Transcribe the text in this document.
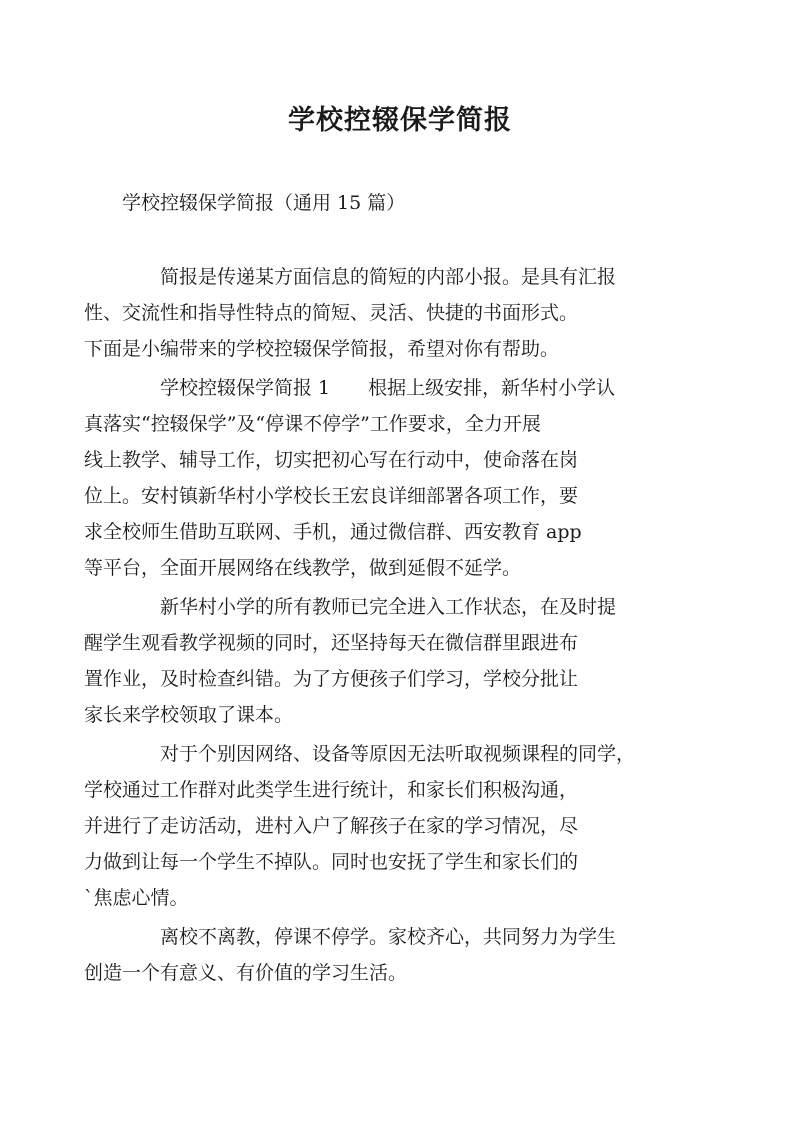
学校控辍保学简报

学校控辍保学简报（通用 15 篇）

简报是传递某方面信息的简短的内部小报。是具有汇报
性、交流性和指导性特点的简短、灵活、快捷的书面形式。
下面是小编带来的学校控辍保学简报，希望对你有帮助。

学校控辍保学简报 1　　根据上级安排，新华村小学认
真落实“控辍保学”及“停课不停学”工作要求，全力开展
线上教学、辅导工作，切实把初心写在行动中，使命落在岗
位上。安村镇新华村小学校长王宏良详细部署各项工作，要
求全校师生借助互联网、手机，通过微信群、西安教育 app
等平台，全面开展网络在线教学，做到延假不延学。

新华村小学的所有教师已完全进入工作状态，在及时提
醒学生观看教学视频的同时，还坚持每天在微信群里跟进布
置作业，及时检查纠错。为了方便孩子们学习，学校分批让
家长来学校领取了课本。

对于个别因网络、设备等原因无法听取视频课程的同学，
学校通过工作群对此类学生进行统计，和家长们积极沟通，
并进行了走访活动，进村入户了解孩子在家的学习情况，尽
力做到让每一个学生不掉队。同时也安抚了学生和家长们的
`焦虑心情。

离校不离教，停课不停学。家校齐心，共同努力为学生
创造一个有意义、有价值的学习生活。
